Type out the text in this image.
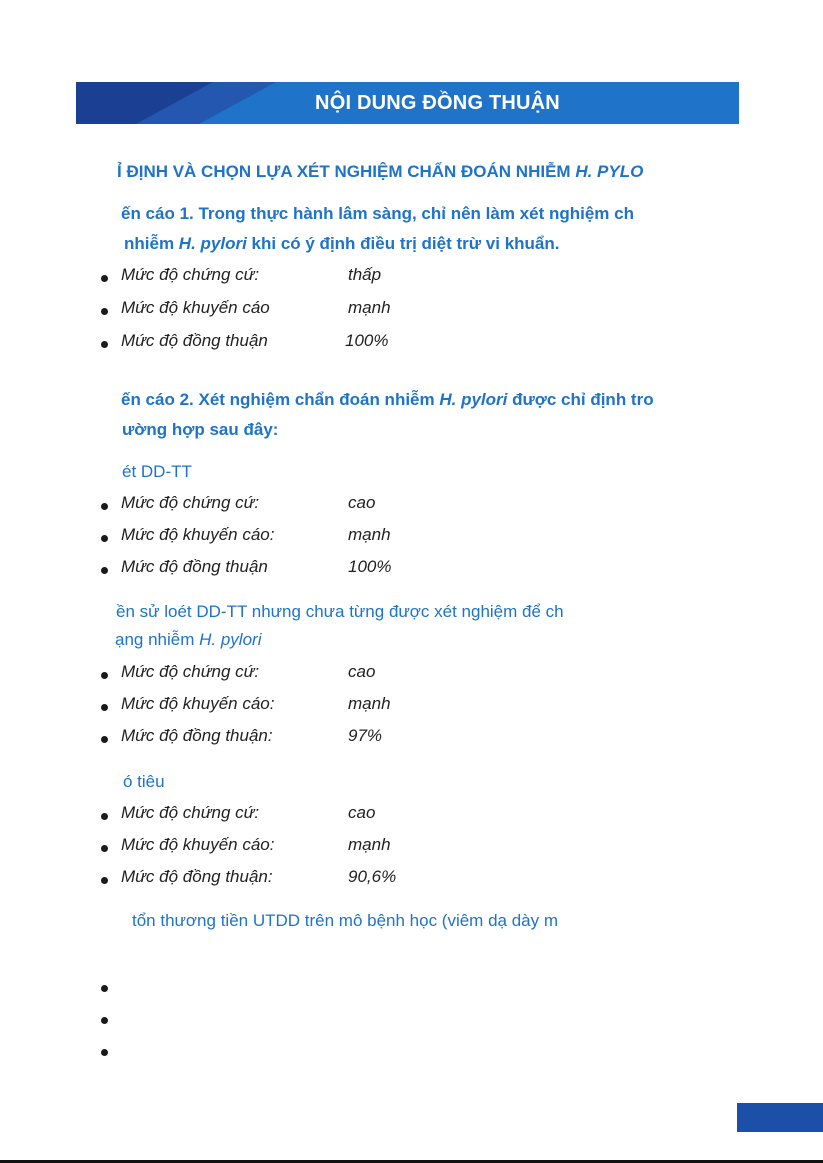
NỘI DUNG ĐỒNG THUẬN
Ỉ ĐỊNH VÀ CHỌN LỰA XÉT NGHIỆM CHẨN ĐOÁN NHIỄM H. PYLO
ến cáo 1. Trong thực hành lâm sàng, chỉ nên làm xét nghiệm ch
nhiễm H. pylori khi có ý định điều trị diệt trừ vi khuẩn.
Mức độ chứng cứ:	thấp
Mức độ khuyến cáo	mạnh
Mức độ đồng thuận	100%
ến cáo 2. Xét nghiệm chẩn đoán nhiễm H. pylori được chỉ định tro
ường hợp sau đây:
ét DD-TT
Mức độ chứng cứ:	cao
Mức độ khuyến cáo:	mạnh
Mức độ đồng thuận	100%
ền sử loét DD-TT nhưng chưa từng được xét nghiệm để ch
ạng nhiễm H. pylori
Mức độ chứng cứ:	cao
Mức độ khuyến cáo:	mạnh
Mức độ đồng thuận:	97%
ó tiêu
Mức độ chứng cứ:	cao
Mức độ khuyến cáo:	mạnh
Mức độ đồng thuận:	90,6%
tổn thương tiền UTDD trên mô bệnh học (viêm dạ dày m
